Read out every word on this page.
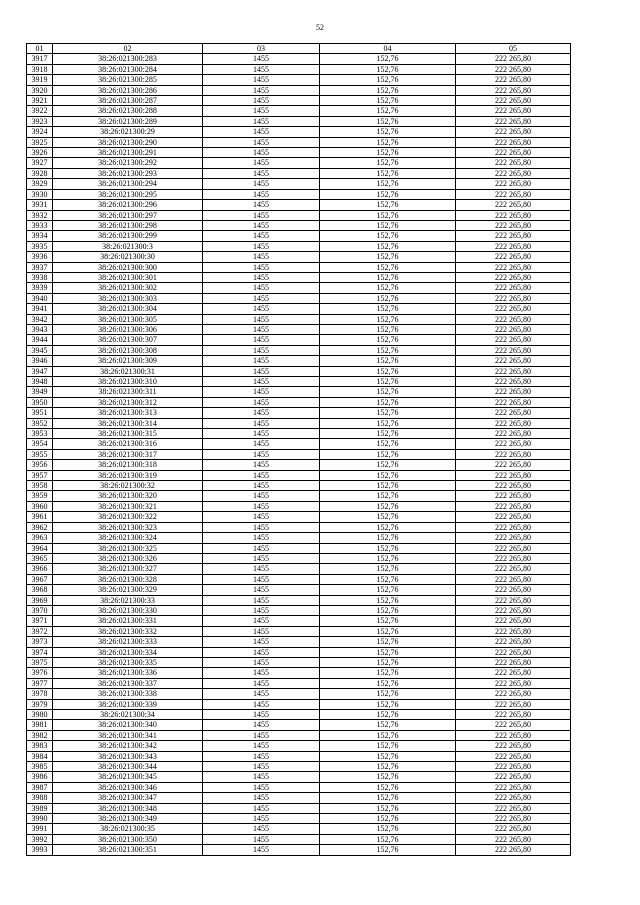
52
01	02	03	04	05
3917	38:26:021300:283	1455	152,76	222 265,80
3918	38:26:021300:284	1455	152,76	222 265,80
3919	38:26:021300:285	1455	152,76	222 265,80
3920	38:26:021300:286	1455	152,76	222 265,80
3921	38:26:021300:287	1455	152,76	222 265,80
3922	38:26:021300:288	1455	152,76	222 265,80
3923	38:26:021300:289	1455	152,76	222 265,80
3924	38:26:021300:29	1455	152,76	222 265,80
3925	38:26:021300:290	1455	152,76	222 265,80
3926	38:26:021300:291	1455	152,76	222 265,80
3927	38:26:021300:292	1455	152,76	222 265,80
3928	38:26:021300:293	1455	152,76	222 265,80
3929	38:26:021300:294	1455	152,76	222 265,80
3930	38:26:021300:295	1455	152,76	222 265,80
3931	38:26:021300:296	1455	152,76	222 265,80
3932	38:26:021300:297	1455	152,76	222 265,80
3933	38:26:021300:298	1455	152,76	222 265,80
3934	38:26:021300:299	1455	152,76	222 265,80
3935	38:26:021300:3	1455	152,76	222 265,80
3936	38:26:021300:30	1455	152,76	222 265,80
3937	38:26:021300:300	1455	152,76	222 265,80
3938	38:26:021300:301	1455	152,76	222 265,80
3939	38:26:021300:302	1455	152,76	222 265,80
3940	38:26:021300:303	1455	152,76	222 265,80
3941	38:26:021300:304	1455	152,76	222 265,80
3942	38:26:021300:305	1455	152,76	222 265,80
3943	38:26:021300:306	1455	152,76	222 265,80
3944	38:26:021300:307	1455	152,76	222 265,80
3945	38:26:021300:308	1455	152,76	222 265,80
3946	38:26:021300:309	1455	152,76	222 265,80
3947	38:26:021300:31	1455	152,76	222 265,80
3948	38:26:021300:310	1455	152,76	222 265,80
3949	38:26:021300:311	1455	152,76	222 265,80
3950	38:26:021300:312	1455	152,76	222 265,80
3951	38:26:021300:313	1455	152,76	222 265,80
3952	38:26:021300:314	1455	152,76	222 265,80
3953	38:26:021300:315	1455	152,76	222 265,80
3954	38:26:021300:316	1455	152,76	222 265,80
3955	38:26:021300:317	1455	152,76	222 265,80
3956	38:26:021300:318	1455	152,76	222 265,80
3957	38:26:021300:319	1455	152,76	222 265,80
3958	38:26:021300:32	1455	152,76	222 265,80
3959	38:26:021300:320	1455	152,76	222 265,80
3960	38:26:021300:321	1455	152,76	222 265,80
3961	38:26:021300:322	1455	152,76	222 265,80
3962	38:26:021300:323	1455	152,76	222 265,80
3963	38:26:021300:324	1455	152,76	222 265,80
3964	38:26:021300:325	1455	152,76	222 265,80
3965	38:26:021300:326	1455	152,76	222 265,80
3966	38:26:021300:327	1455	152,76	222 265,80
3967	38:26:021300:328	1455	152,76	222 265,80
3968	38:26:021300:329	1455	152,76	222 265,80
3969	38:26:021300:33	1455	152,76	222 265,80
3970	38:26:021300:330	1455	152,76	222 265,80
3971	38:26:021300:331	1455	152,76	222 265,80
3972	38:26:021300:332	1455	152,76	222 265,80
3973	38:26:021300:333	1455	152,76	222 265,80
3974	38:26:021300:334	1455	152,76	222 265,80
3975	38:26:021300:335	1455	152,76	222 265,80
3976	38:26:021300:336	1455	152,76	222 265,80
3977	38:26:021300:337	1455	152,76	222 265,80
3978	38:26:021300:338	1455	152,76	222 265,80
3979	38:26:021300:339	1455	152,76	222 265,80
3980	38:26:021300:34	1455	152,76	222 265,80
3981	38:26:021300:340	1455	152,76	222 265,80
3982	38:26:021300:341	1455	152,76	222 265,80
3983	38:26:021300:342	1455	152,76	222 265,80
3984	38:26:021300:343	1455	152,76	222 265,80
3985	38:26:021300:344	1455	152,76	222 265,80
3986	38:26:021300:345	1455	152,76	222 265,80
3987	38:26:021300:346	1455	152,76	222 265,80
3988	38:26:021300:347	1455	152,76	222 265,80
3989	38:26:021300:348	1455	152,76	222 265,80
3990	38:26:021300:349	1455	152,76	222 265,80
3991	38:26:021300:35	1455	152,76	222 265,80
3992	38:26:021300:350	1455	152,76	222 265,80
3993	38:26:021300:351	1455	152,76	222 265,80
